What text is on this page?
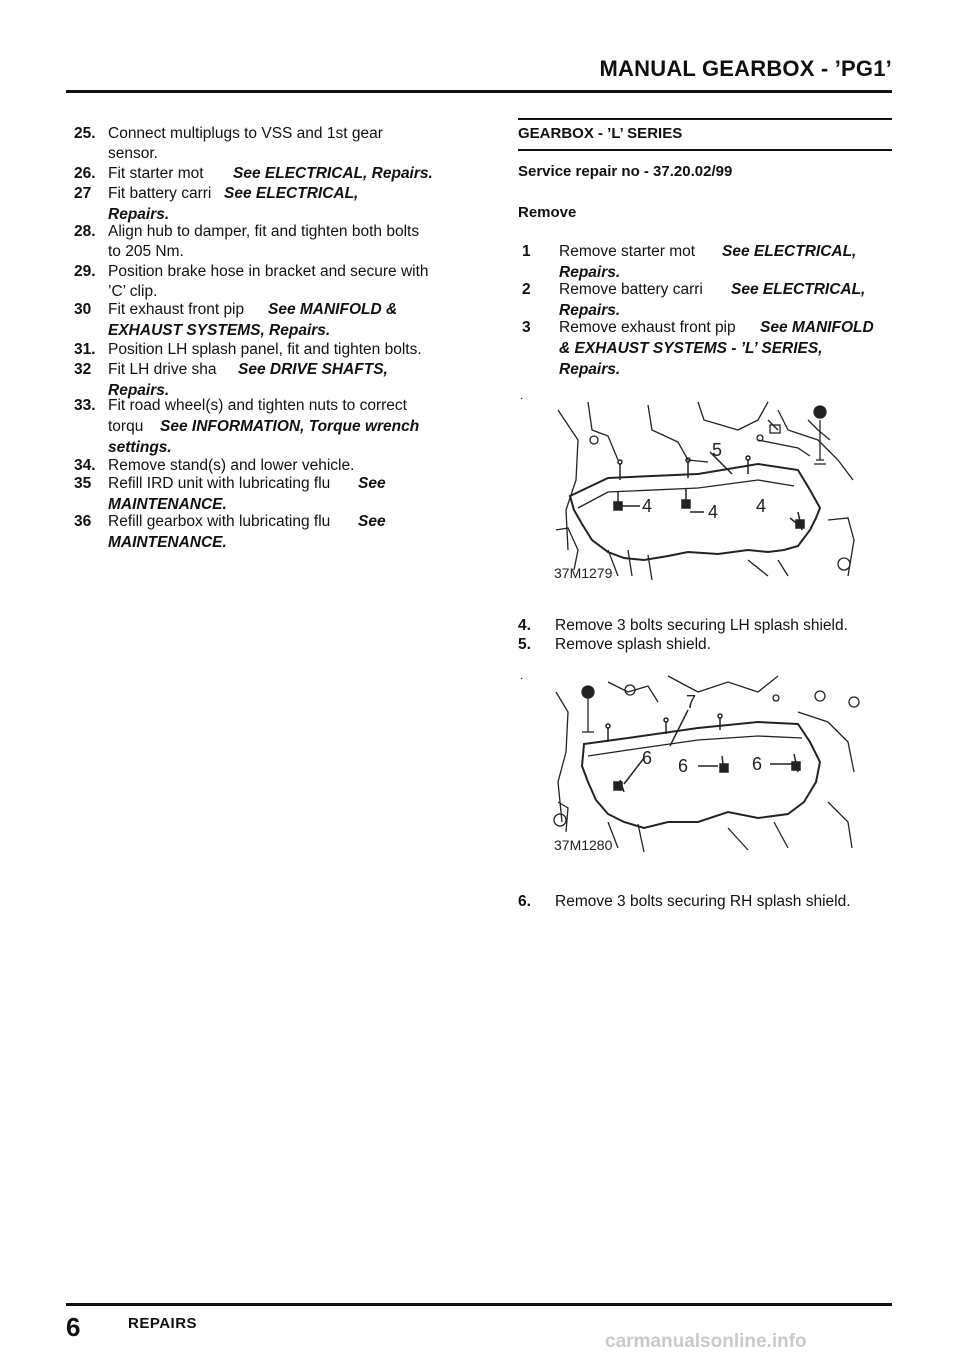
MANUAL GEARBOX - ’PG1’
25. Connect multiplugs to VSS and 1st gear
sensor.
26. Fit starter mot See ELECTRICAL, Repairs.
27 Fit battery carri See ELECTRICAL,
Repairs.
28. Align hub to damper, fit and tighten both bolts
to 205 Nm.
29. Position brake hose in bracket and secure with
’C’ clip.
30 Fit exhaust front pip See MANIFOLD &
EXHAUST SYSTEMS, Repairs.
31. Position LH splash panel, fit and tighten bolts.
32 Fit LH drive sha See DRIVE SHAFTS,
Repairs.
33. Fit road wheel(s) and tighten nuts to correct
torqu See INFORMATION, Torque wrench
settings.
34. Remove stand(s) and lower vehicle.
35 Refill IRD unit with lubricating flu See
MAINTENANCE.
36 Refill gearbox with lubricating flu See
MAINTENANCE.
GEARBOX - ’L’ SERIES
Service repair no - 37.20.02/99
Remove
1 Remove starter mot See ELECTRICAL,
Repairs.
2 Remove battery carri See ELECTRICAL,
Repairs.
3 Remove exhaust front pip See MANIFOLD
& EXHAUST SYSTEMS - ’L’ SERIES,
Repairs.
.
5
4	4 4
37M1279
4. Remove 3 bolts securing LH splash shield.
5. Remove splash shield.
.
7
6 6	6
37M1280
6. Remove 3 bolts securing RH splash shield.
6	REPAIRS
carmanualsonline.info
